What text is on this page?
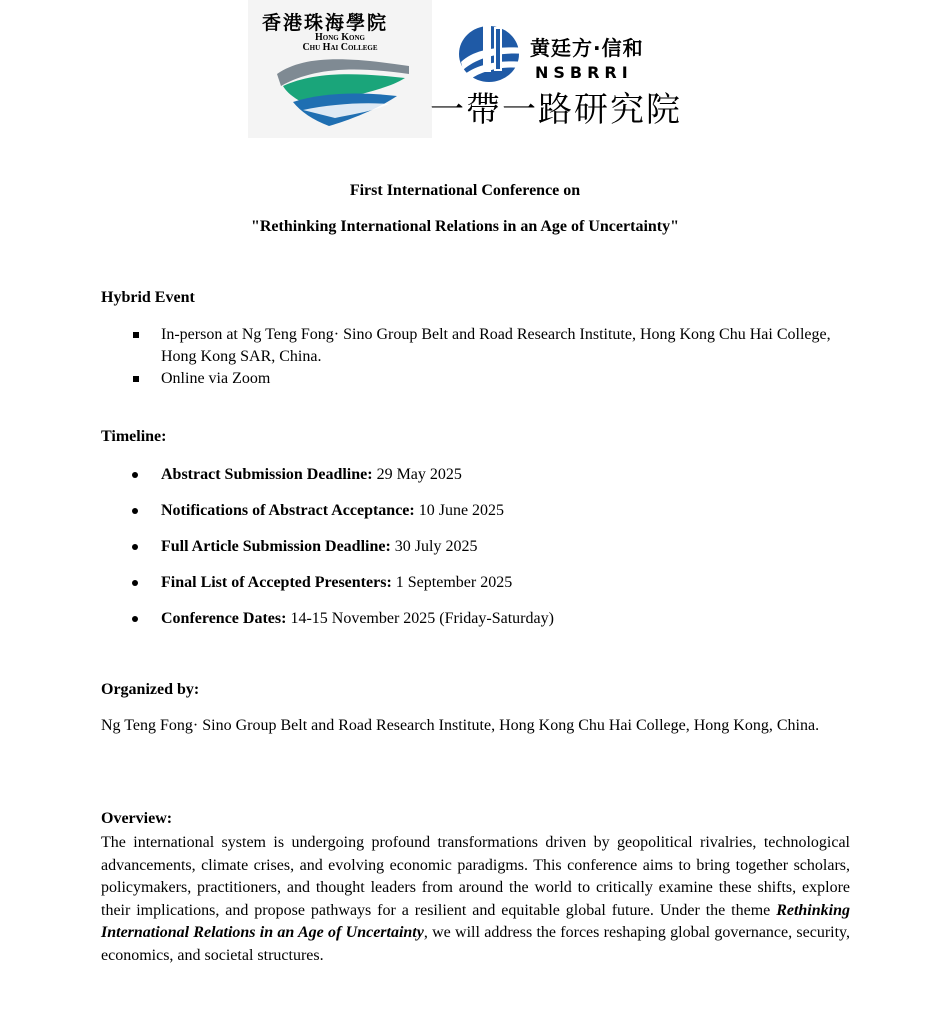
香港珠海學院
Hong Kong
Chu Hai College	黄廷方·信和
NSBRRI
一帶一路研究院
First International Conference on
"Rethinking International Relations in an Age of Uncertainty"
Hybrid Event
In-person at Ng Teng Fong· Sino Group Belt and Road Research Institute, Hong Kong Chu Hai College, Hong Kong SAR, China.
Online via Zoom
Timeline:
Abstract Submission Deadline: 29 May 2025
Notifications of Abstract Acceptance: 10 June 2025
Full Article Submission Deadline: 30 July 2025
Final List of Accepted Presenters: 1 September 2025
Conference Dates: 14-15 November 2025 (Friday-Saturday)
Organized by:
Ng Teng Fong· Sino Group Belt and Road Research Institute, Hong Kong Chu Hai College, Hong Kong, China.
Overview:
The international system is undergoing profound transformations driven by geopolitical rivalries, technological advancements, climate crises, and evolving economic paradigms. This conference aims to bring together scholars, policymakers, practitioners, and thought leaders from around the world to critically examine these shifts, explore their implications, and propose pathways for a resilient and equitable global future. Under the theme Rethinking International Relations in an Age of Uncertainty, we will address the forces reshaping global governance, security, economics, and societal structures.
